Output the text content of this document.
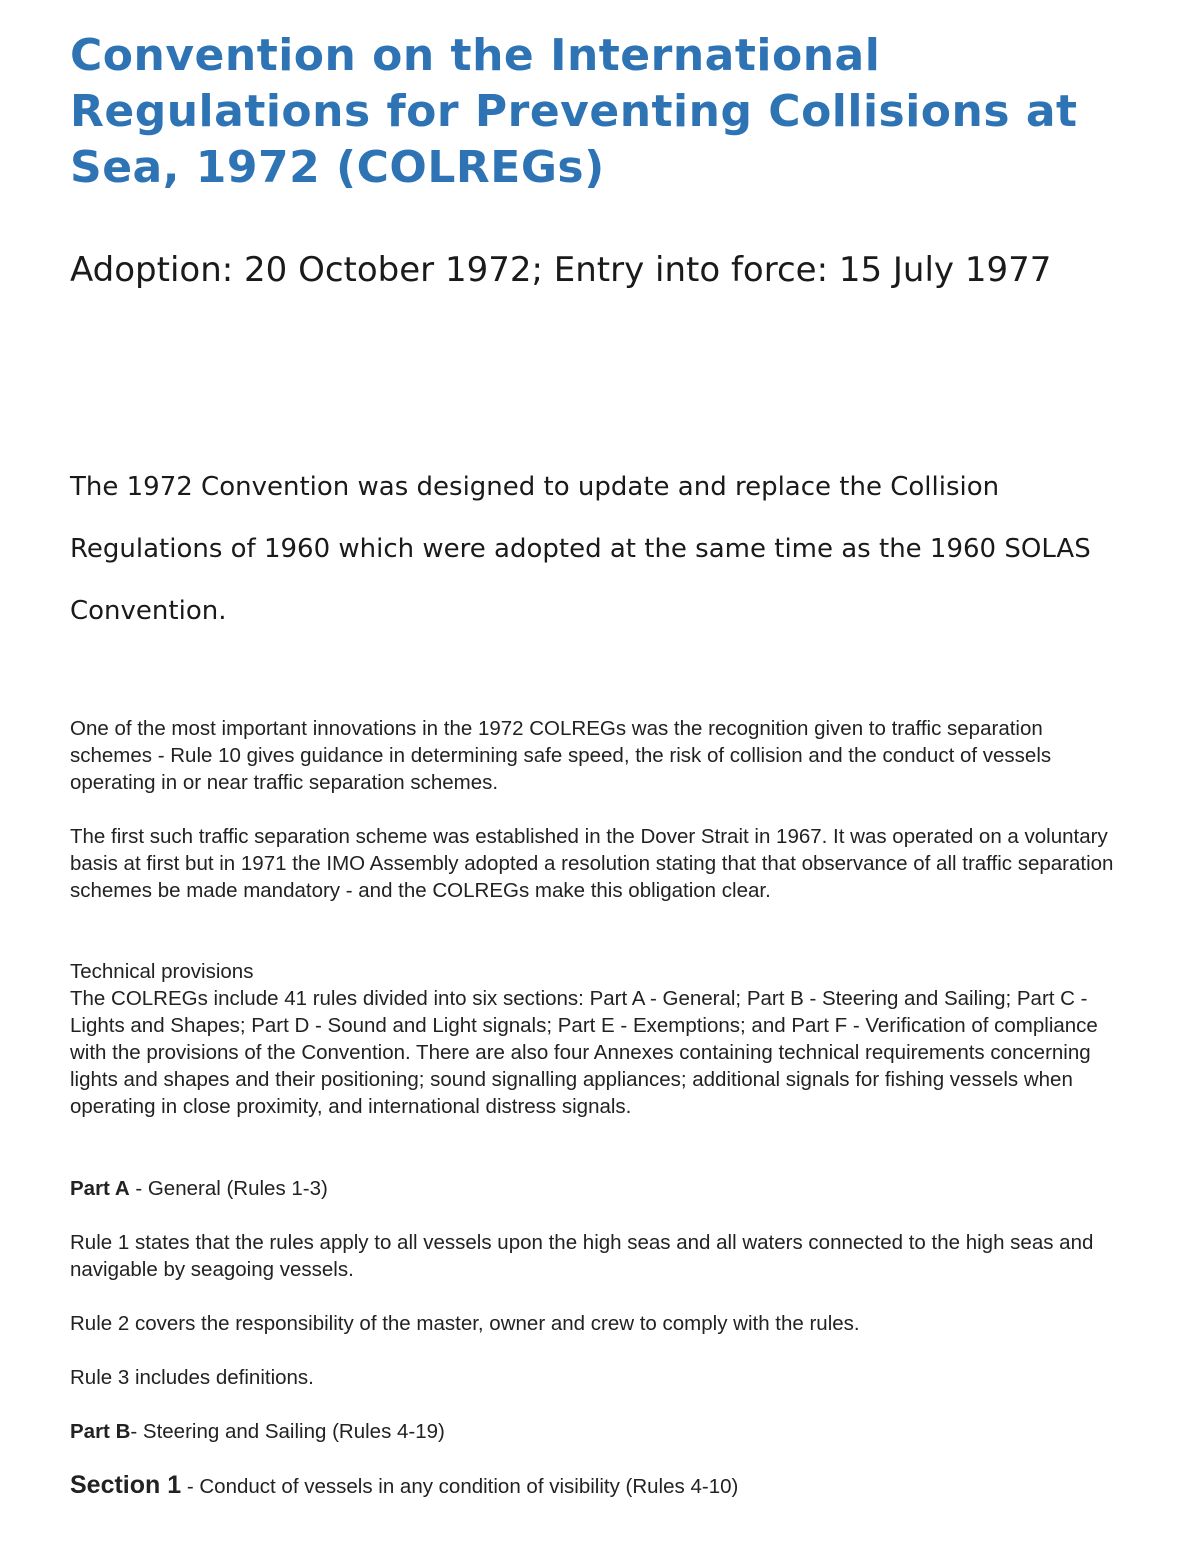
Convention on the International Regulations for Preventing Collisions at Sea, 1972 (COLREGs)
Adoption: 20 October 1972; Entry into force: 15 July 1977

The 1972 Convention was designed to update and replace the Collision Regulations of 1960 which were adopted at the same time as the 1960 SOLAS Convention.

One of the most important innovations in the 1972 COLREGs was the recognition given to traffic separation schemes - Rule 10 gives guidance in determining safe speed, the risk of collision and the conduct of vessels operating in or near traffic separation schemes.

The first such traffic separation scheme was established in the Dover Strait in 1967. It was operated on a voluntary basis at first but in 1971 the IMO Assembly adopted a resolution stating that that observance of all traffic separation schemes be made mandatory - and the COLREGs make this obligation clear.

Technical provisions
The COLREGs include 41 rules divided into six sections: Part A - General; Part B - Steering and Sailing; Part C - Lights and Shapes; Part D - Sound and Light signals; Part E - Exemptions; and Part F - Verification of compliance with the provisions of the Convention. There are also four Annexes containing technical requirements concerning lights and shapes and their positioning; sound signalling appliances; additional signals for fishing vessels when operating in close proximity, and international distress signals.

Part A - General (Rules 1-3)

Rule 1 states that the rules apply to all vessels upon the high seas and all waters connected to the high seas and navigable by seagoing vessels.

Rule 2 covers the responsibility of the master, owner and crew to comply with the rules.

Rule 3 includes definitions.

Part B- Steering and Sailing (Rules 4-19)

Section 1 - Conduct of vessels in any condition of visibility (Rules 4-10)
